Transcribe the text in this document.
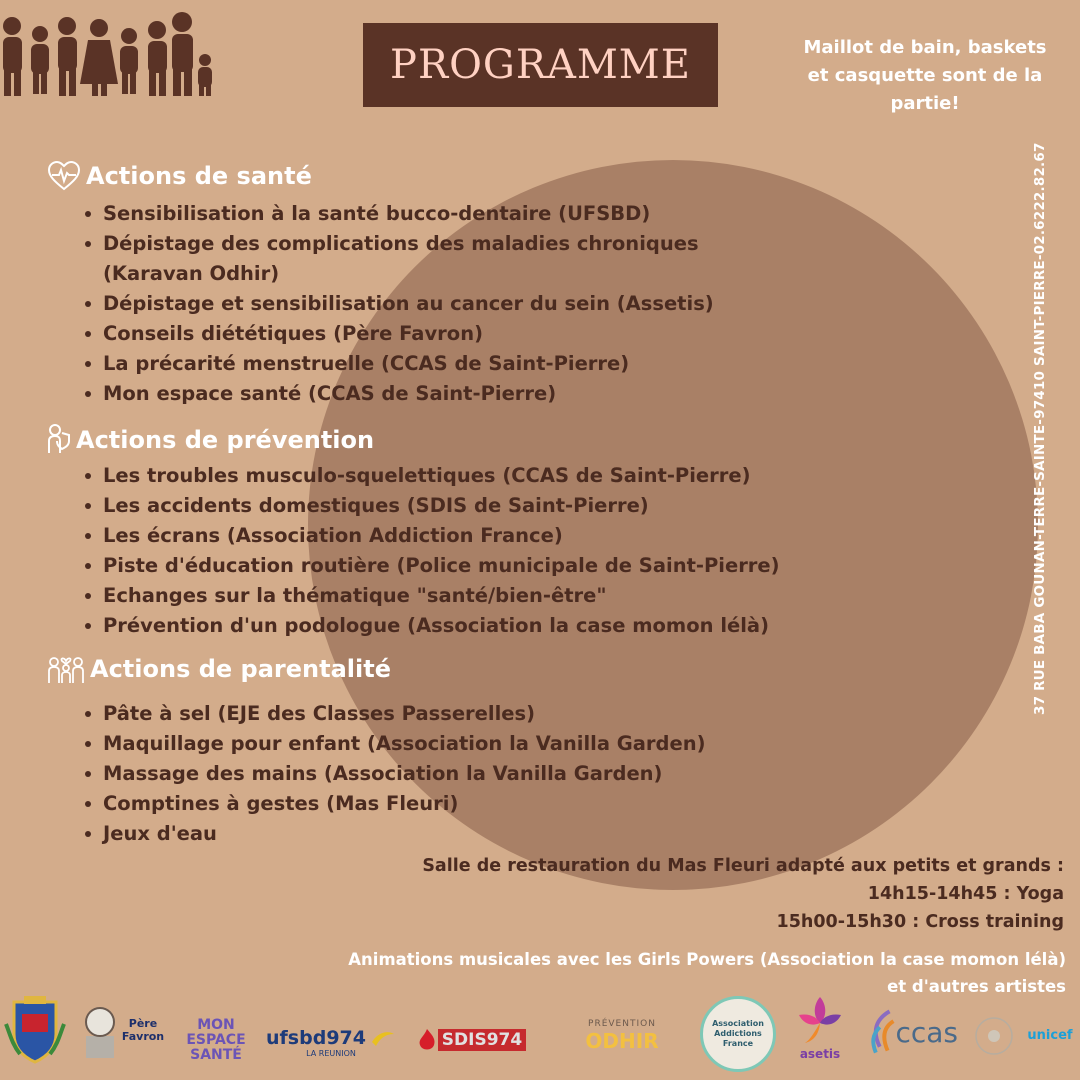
PROGRAMME	Maillot de bain, baskets
et casquette sont de la
partie!
Actions de santé
Sensibilisation à la santé bucco-dentaire (UFSBD)
Dépistage des complications des maladies chroniques
(Karavan Odhir)
Dépistage et sensibilisation au cancer du sein (Assetis)
Conseils diététiques (Père Favron)
La précarité menstruelle (CCAS de Saint-Pierre)
Mon espace santé (CCAS de Saint-Pierre)
Actions de prévention
Les troubles musculo-squelettiques (CCAS de Saint-Pierre)
Les accidents domestiques (SDIS de Saint-Pierre)
Les écrans (Association Addiction France)
Piste d'éducation routière (Police municipale de Saint-Pierre)
Echanges sur la thématique "santé/bien-être"
Prévention d'un podologue (Association la case momon lélà)
Actions de parentalité
Pâte à sel (EJE des Classes Passerelles)
Maquillage pour enfant (Association la Vanilla Garden)
Massage des mains (Association la Vanilla Garden)
Comptines à gestes (Mas Fleuri)
Jeux d'eau
37 RUE BABA GOUNAN-TERRE-SAINTE-97410 SAINT-PIERRE-02.6222.82.67
Salle de restauration du Mas Fleuri adapté aux petits et grands :
14h15-14h45 : Yoga
15h00-15h30 : Cross training
Animations musicales avec les Girls Powers (Association la case momon lélà)
et d'autres artistes
Père
Favron
MON
ESPACE
SANTÉ
ufsbd974
LA REUNION
SDIS974
PRÉVENTION
ODHIR
Association
Addictions
France
asetis
ccas	unicef
